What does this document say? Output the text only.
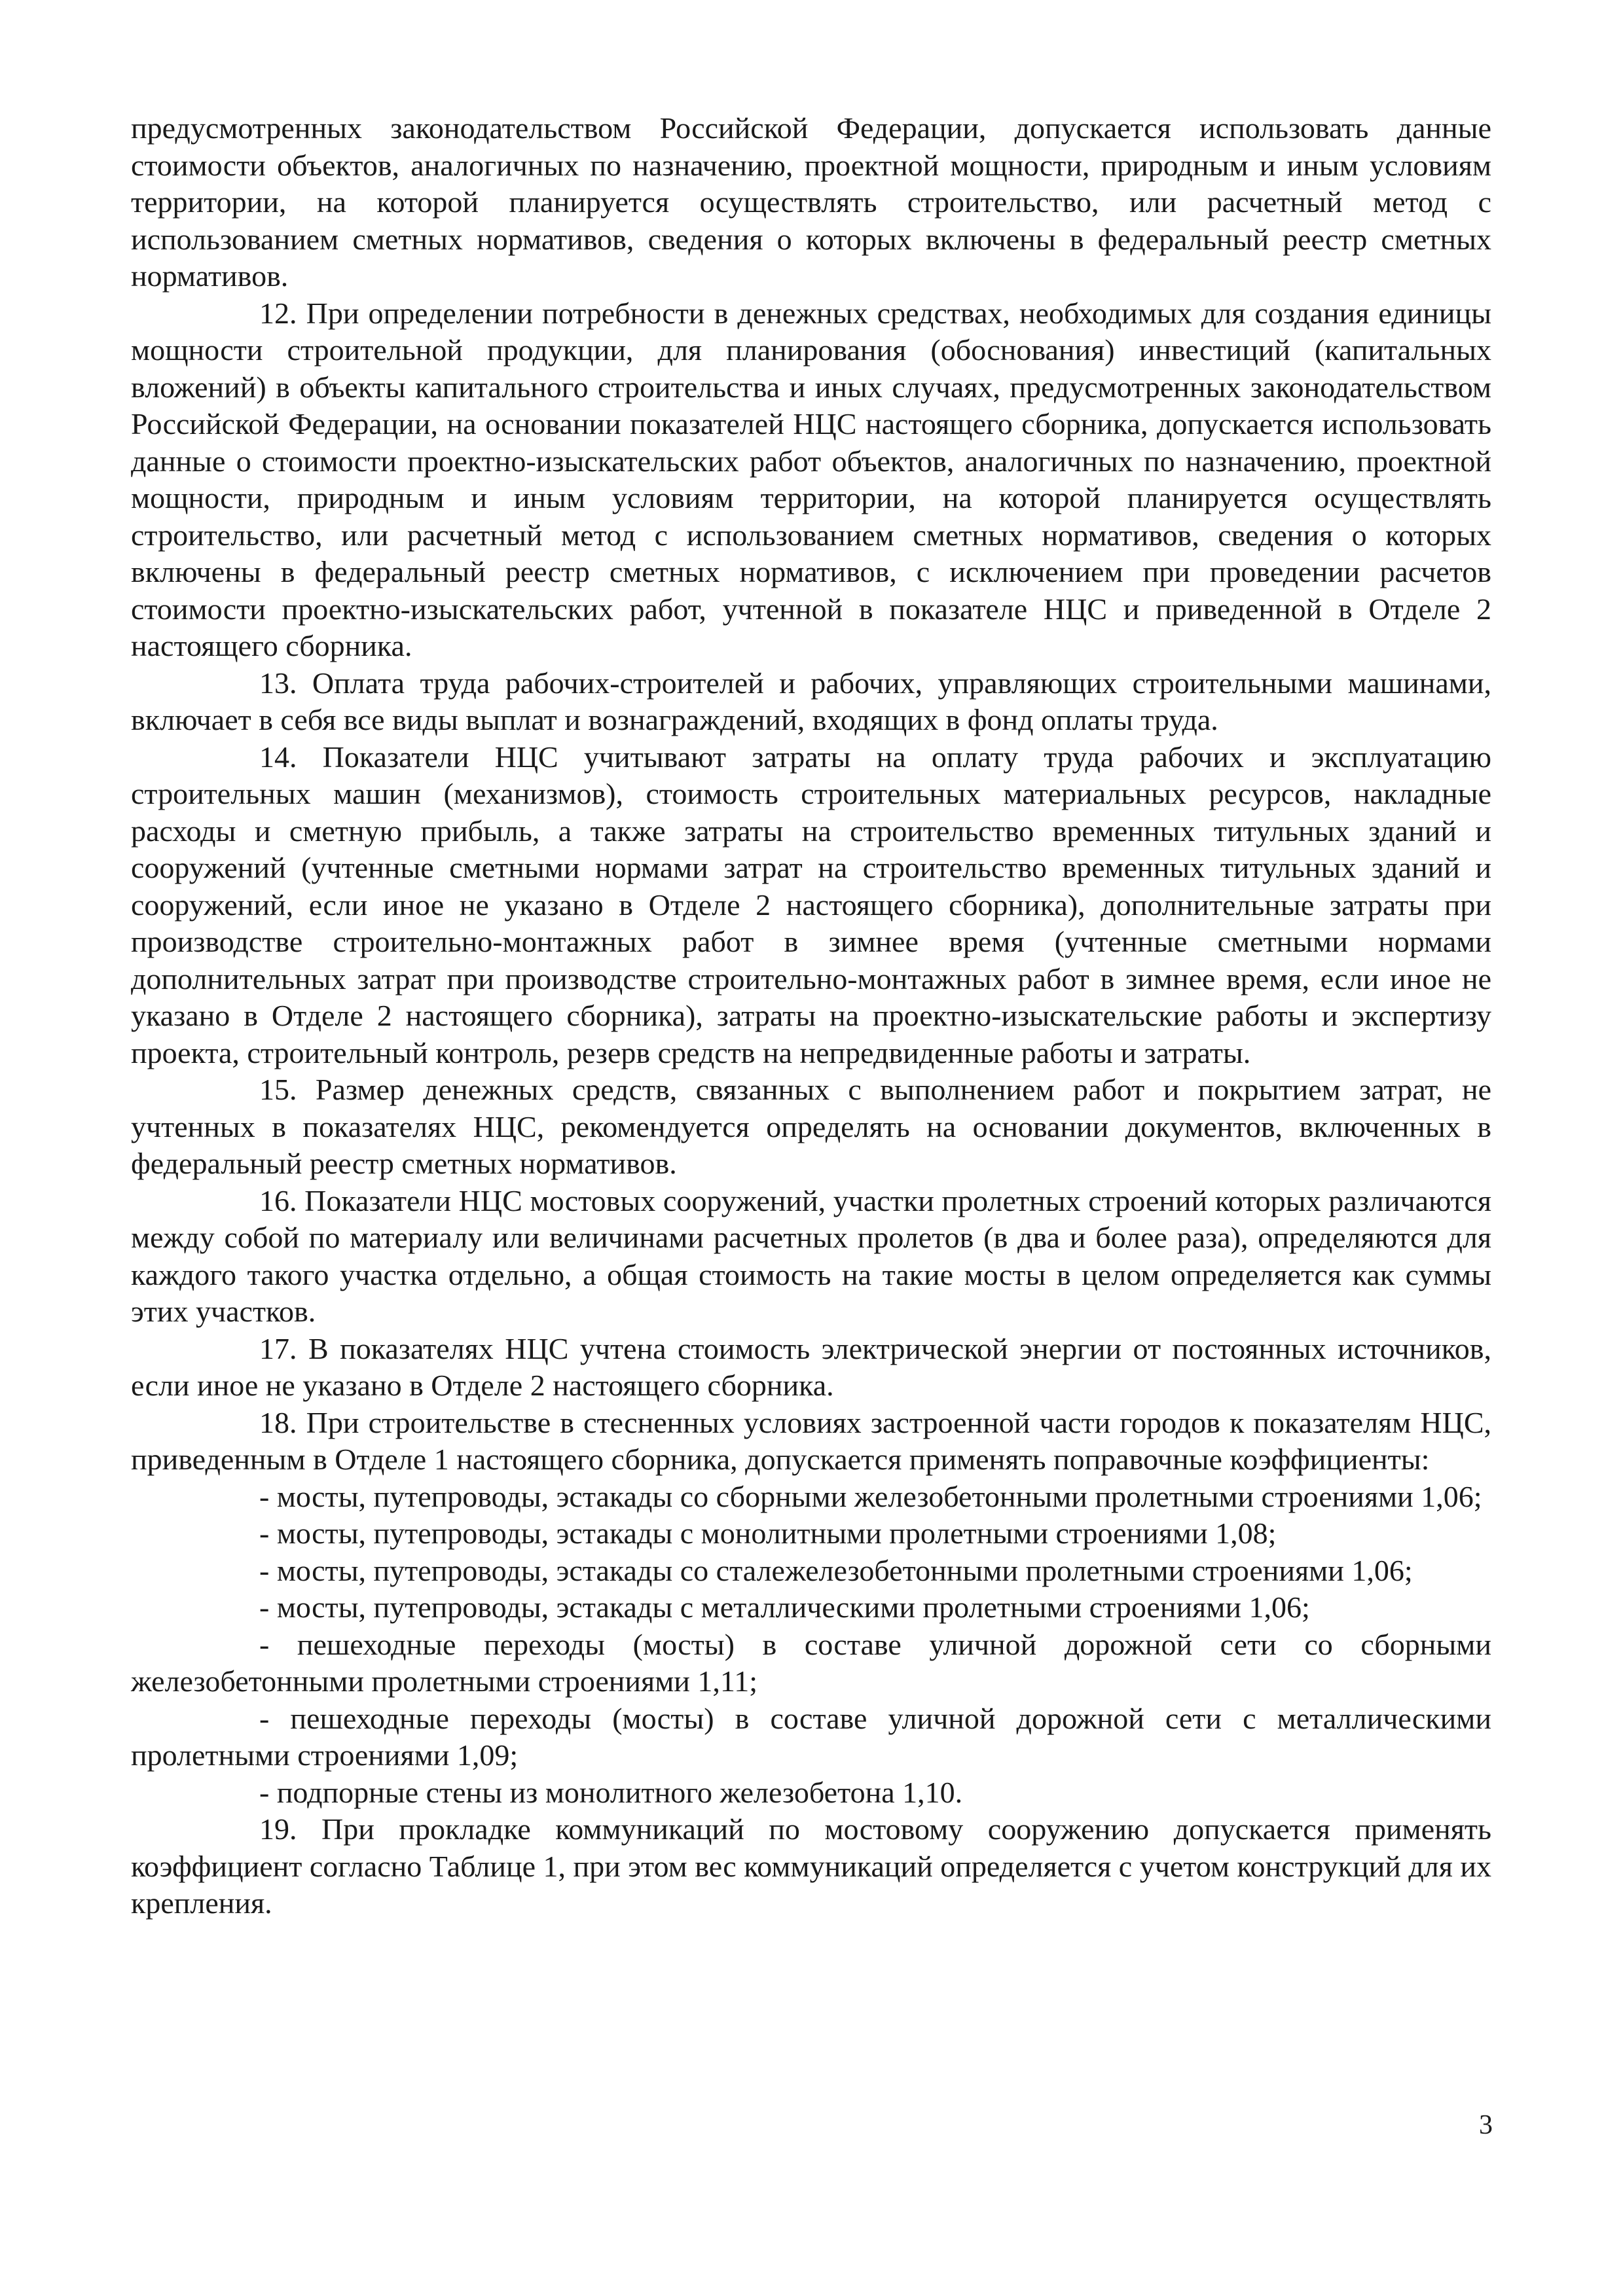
предусмотренных законодательством Российской Федерации, допускается использовать данные стоимости объектов, аналогичных по назначению, проектной мощности, природным и иным условиям территории, на которой планируется осуществлять строительство, или расчетный метод с использованием сметных нормативов, сведения о которых включены в федеральный реестр сметных нормативов.

12. При определении потребности в денежных средствах, необходимых для создания единицы мощности строительной продукции, для планирования (обоснования) инвестиций (капитальных вложений) в объекты капитального строительства и иных случаях, предусмотренных законодательством Российской Федерации, на основании показателей НЦС настоящего сборника, допускается использовать данные о стоимости проектно-изыскательских работ объектов, аналогичных по назначению, проектной мощности, природным и иным условиям территории, на которой планируется осуществлять строительство, или расчетный метод с использованием сметных нормативов, сведения о которых включены в федеральный реестр сметных нормативов, с исключением при проведении расчетов стоимости проектно-изыскательских работ, учтенной в показателе НЦС и приведенной в Отделе 2 настоящего сборника.

13. Оплата труда рабочих-строителей и рабочих, управляющих строительными машинами, включает в себя все виды выплат и вознаграждений, входящих в фонд оплаты труда.

14. Показатели НЦС учитывают затраты на оплату труда рабочих и эксплуатацию строительных машин (механизмов), стоимость строительных материальных ресурсов, накладные расходы и сметную прибыль, а также затраты на строительство временных титульных зданий и сооружений (учтенные сметными нормами затрат на строительство временных титульных зданий и сооружений, если иное не указано в Отделе 2 настоящего сборника), дополнительные затраты при производстве строительно-монтажных работ в зимнее время (учтенные сметными нормами дополнительных затрат при производстве строительно-монтажных работ в зимнее время, если иное не указано в Отделе 2 настоящего сборника), затраты на проектно-изыскательские работы и экспертизу проекта, строительный контроль, резерв средств на непредвиденные работы и затраты.

15. Размер денежных средств, связанных с выполнением работ и покрытием затрат, не учтенных в показателях НЦС, рекомендуется определять на основании документов, включенных в федеральный реестр сметных нормативов.

16. Показатели НЦС мостовых сооружений, участки пролетных строений которых различаются между собой по материалу или величинами расчетных пролетов (в два и более раза), определяются для каждого такого участка отдельно, а общая стоимость на такие мосты в целом определяется как суммы этих участков.

17. В показателях НЦС учтена стоимость электрической энергии от постоянных источников, если иное не указано в Отделе 2 настоящего сборника.

18. При строительстве в стесненных условиях застроенной части городов к показателям НЦС, приведенным в Отделе 1 настоящего сборника, допускается применять поправочные коэффициенты:

- мосты, путепроводы, эстакады со сборными железобетонными пролетными строениями 1,06;

- мосты, путепроводы, эстакады с монолитными пролетными строениями 1,08;

- мосты, путепроводы, эстакады со сталежелезобетонными пролетными строениями 1,06;

- мосты, путепроводы, эстакады с металлическими пролетными строениями 1,06;

- пешеходные переходы (мосты) в составе уличной дорожной сети со сборными железобетонными пролетными строениями 1,11;

- пешеходные переходы (мосты) в составе уличной дорожной сети с металлическими пролетными строениями 1,09;

- подпорные стены из монолитного железобетона 1,10.

19. При прокладке коммуникаций по мостовому сооружению допускается применять коэффициент согласно Таблице 1, при этом вес коммуникаций определяется с учетом конструкций для их крепления.

3
